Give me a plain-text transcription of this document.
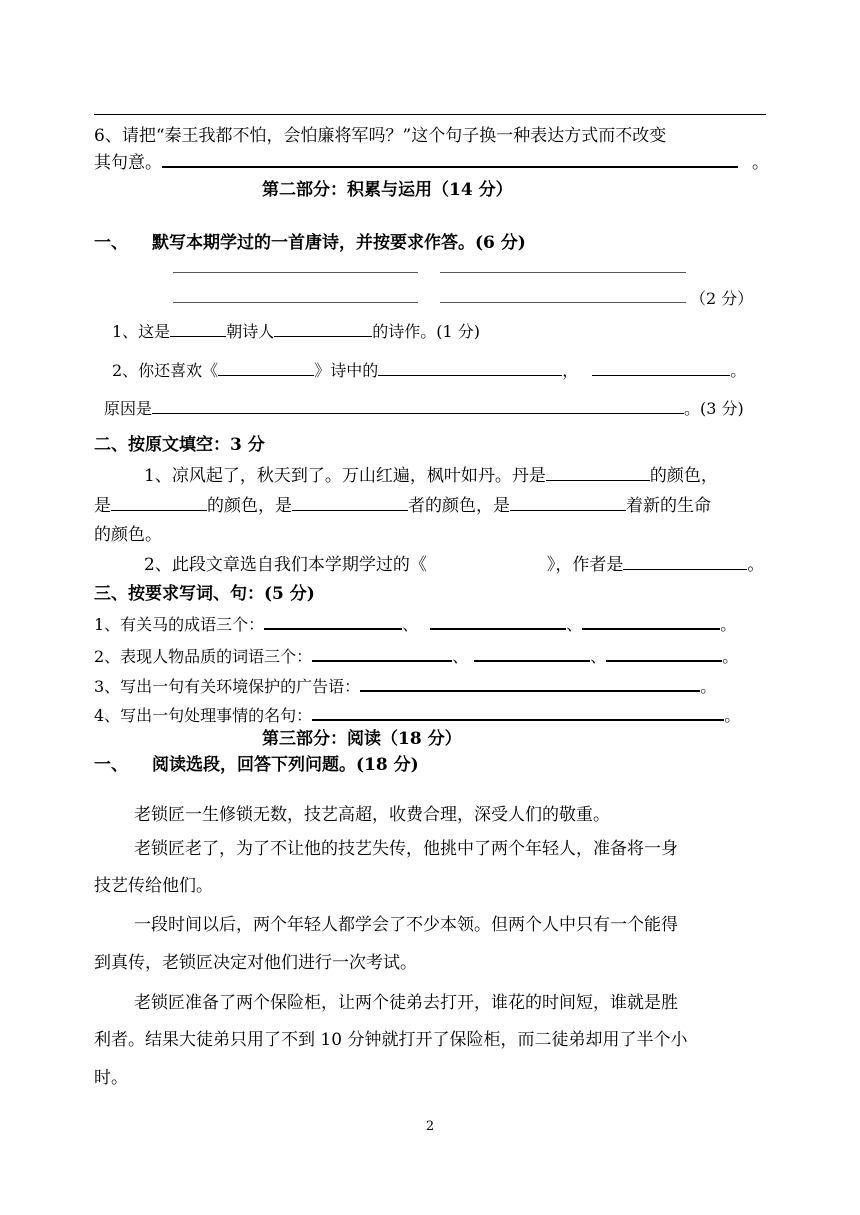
6、请把“秦王我都不怕，会怕廉将军吗？”这个句子换一种表达方式而不改变
其句意。	。
第二部分：积累与运用（14 分）
一、 默写本期学过的一首唐诗，并按要求作答。(6 分)
（2 分）
1、这是	朝诗人	的诗作。(1 分)
2、你还喜欢《	》诗中的	，	。
原因是	。(3 分)
二、按原文填空：3 分
1、凉风起了，秋天到了。万山红遍，枫叶如丹。丹是	的颜色，
是	的颜色，是	者的颜色，是	着新的生命
的颜色。
2、此段文章选自我们本学期学过的《	》，作者是	。
三、按要求写词、句：(5 分)
1、有关马的成语三个：	、	、	。
2、表现人物品质的词语三个：	、	、	。
3、写出一句有关环境保护的广告语：	。
4、写出一句处理事情的名句：	。
第三部分：阅读（18 分）
一、 阅读选段，回答下列问题。(18 分)
老锁匠一生修锁无数，技艺高超，收费合理，深受人们的敬重。
老锁匠老了，为了不让他的技艺失传，他挑中了两个年轻人，准备将一身
技艺传给他们。
一段时间以后，两个年轻人都学会了不少本领。但两个人中只有一个能得
到真传，老锁匠决定对他们进行一次考试。
老锁匠准备了两个保险柜，让两个徒弟去打开，谁花的时间短，谁就是胜
利者。结果大徒弟只用了不到 10 分钟就打开了保险柜，而二徒弟却用了半个小
时。
2
